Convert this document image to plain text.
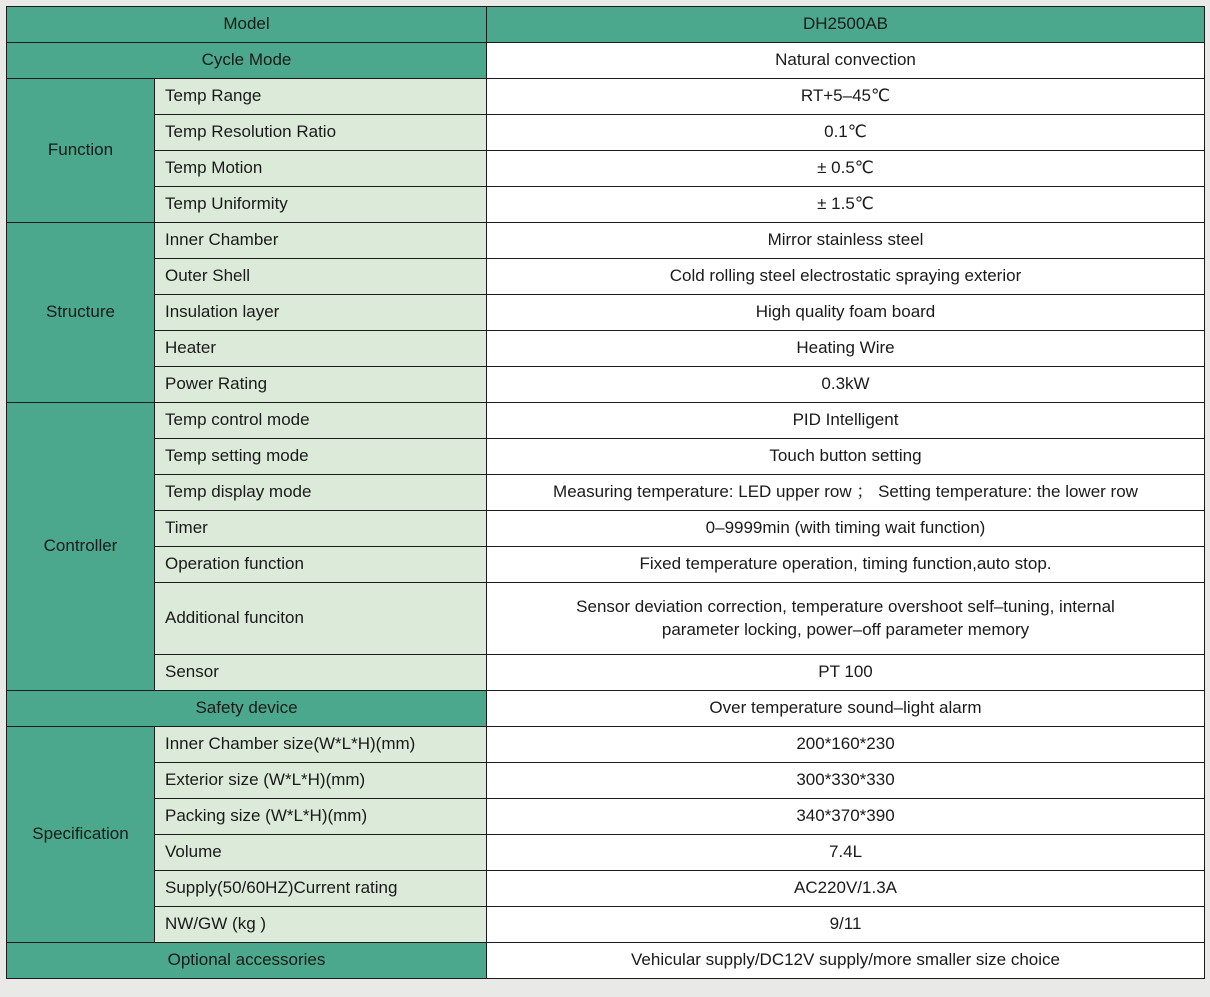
Model		DH2500AB
Cycle Mode		Natural convection
Function	Temp Range	RT+5–45℃
	Temp Resolution Ratio	0.1℃
	Temp Motion	± 0.5℃
	Temp Uniformity	± 1.5℃
Structure	Inner Chamber	Mirror stainless steel
	Outer Shell	Cold rolling steel electrostatic spraying exterior
	Insulation layer	High quality foam board
	Heater	Heating Wire
	Power Rating	0.3kW
Controller	Temp control mode	PID Intelligent
	Temp setting mode	Touch button setting
	Temp display mode	Measuring temperature: LED upper row ； Setting temperature: the lower row
	Timer	0–9999min (with timing wait function)
	Operation function	Fixed temperature operation, timing function,auto stop.
	Additional funciton	Sensor deviation correction, temperature overshoot self–tuning, internal parameter locking, power–off parameter memory
	Sensor	PT 100
Safety device		Over temperature sound–light alarm
Specification	Inner Chamber size(W*L*H)(mm)	200*160*230
	Exterior size (W*L*H)(mm)	300*330*330
	Packing size (W*L*H)(mm)	340*370*390
	Volume	7.4L
	Supply(50/60HZ)Current rating	AC220V/1.3A
	NW/GW (kg )	9/11
Optional accessories		Vehicular supply/DC12V supply/more smaller size choice
